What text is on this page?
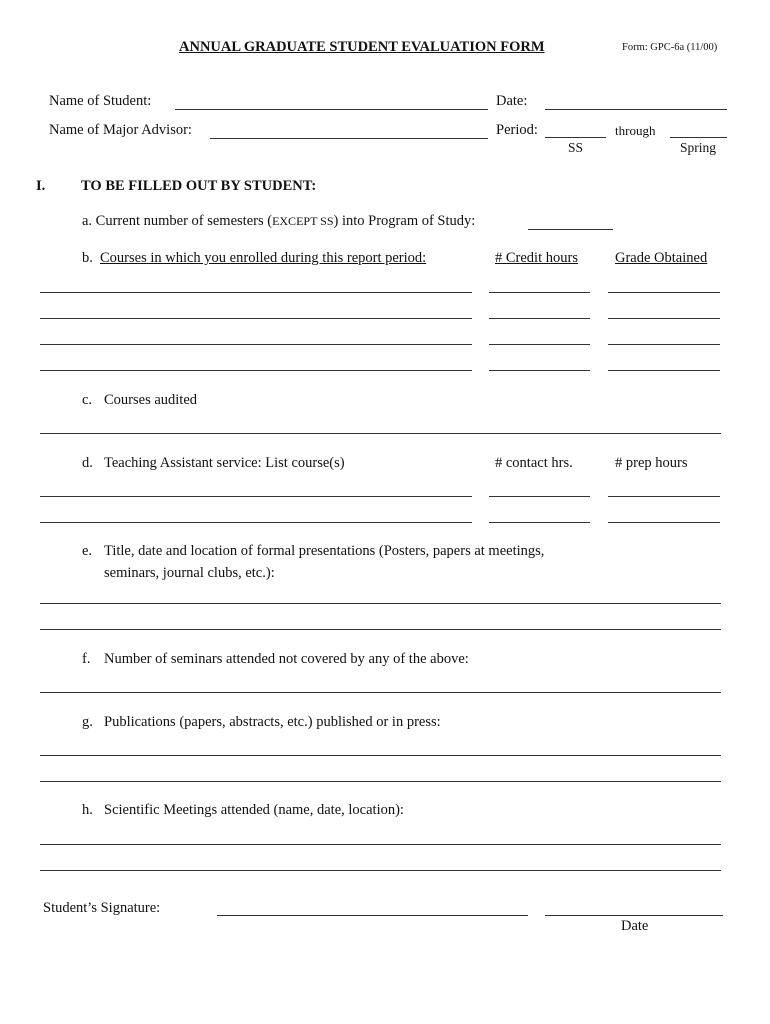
ANNUAL GRADUATE STUDENT EVALUATION FORM	Form: GPC-6a (11/00)
Name of Student:	Date:
Name of Major Advisor:	Period:	through
SS	Spring
I. TO BE FILLED OUT BY STUDENT:
a. Current number of semesters (EXCEPT SS) into Program of Study:
b. Courses in which you enrolled during this report period:	# Credit hours	Grade Obtained
c. Courses audited
d. Teaching Assistant service: List course(s)	# contact hrs.	# prep hours
e. Title, date and location of formal presentations (Posters, papers at meetings,
seminars, journal clubs, etc.):
f. Number of seminars attended not covered by any of the above:
g. Publications (papers, abstracts, etc.) published or in press:
h. Scientific Meetings attended (name, date, location):
Student’s Signature:
Date
